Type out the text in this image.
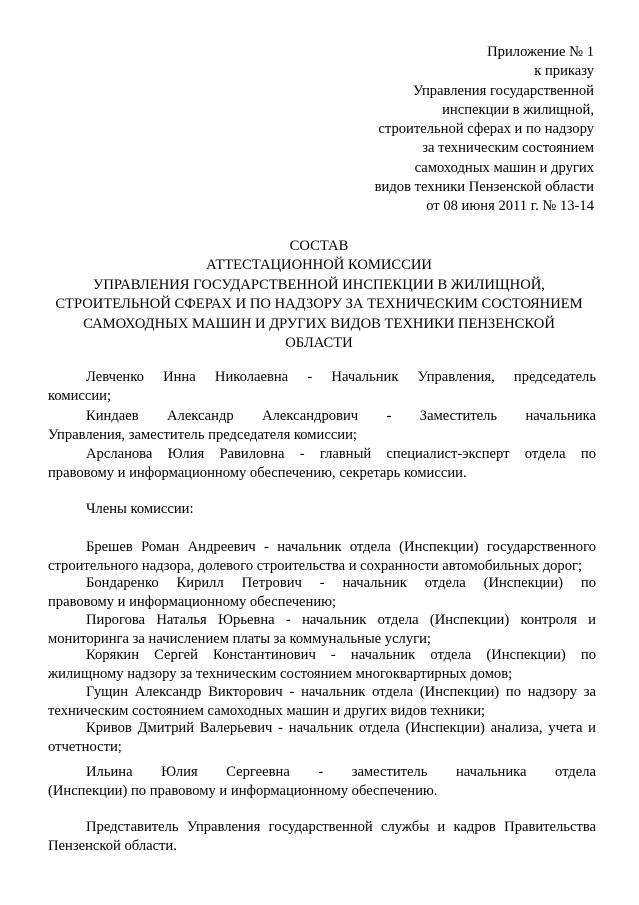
Приложение № 1
к приказу
Управления государственной
инспекции в жилищной,
строительной сферах и по надзору
за техническим состоянием
самоходных машин и других
видов техники Пензенской области
от 08 июня 2011 г. № 13-14
СОСТАВ
АТТЕСТАЦИОННОЙ КОМИССИИ
УПРАВЛЕНИЯ ГОСУДАРСТВЕННОЙ ИНСПЕКЦИИ В ЖИЛИЩНОЙ,
СТРОИТЕЛЬНОЙ СФЕРАХ И ПО НАДЗОРУ ЗА ТЕХНИЧЕСКИМ СОСТОЯНИЕМ
САМОХОДНЫХ МАШИН И ДРУГИХ ВИДОВ ТЕХНИКИ ПЕНЗЕНСКОЙ
ОБЛАСТИ
Левченко Инна Николаевна - Начальник Управления, председатель
комиссии;
Киндаев Александр Александрович - Заместитель начальника
Управления, заместитель председателя комиссии;
Арсланова Юлия Равиловна - главный специалист-эксперт отдела по
правовому и информационному обеспечению, секретарь комиссии.
Члены комиссии:
Брешев Роман Андреевич - начальник отдела (Инспекции) государственного
строительного надзора, долевого строительства и сохранности автомобильных дорог;
Бондаренко Кирилл Петрович - начальник отдела (Инспекции) по
правовому и информационному обеспечению;
Пирогова Наталья Юрьевна - начальник отдела (Инспекции) контроля и
мониторинга за начислением платы за коммунальные услуги;
Корякин Сергей Константинович - начальник отдела (Инспекции) по
жилищному надзору за техническим состоянием многоквартирных домов;
Гущин Александр Викторович - начальник отдела (Инспекции) по надзору за
техническим состоянием самоходных машин и других видов техники;
Кривов Дмитрий Валерьевич - начальник отдела (Инспекции) анализа, учета и
отчетности;
Ильина Юлия Сергеевна - заместитель начальника отдела
(Инспекции) по правовому и информационному обеспечению.
Представитель Управления государственной службы и кадров Правительства
Пензенской области.
